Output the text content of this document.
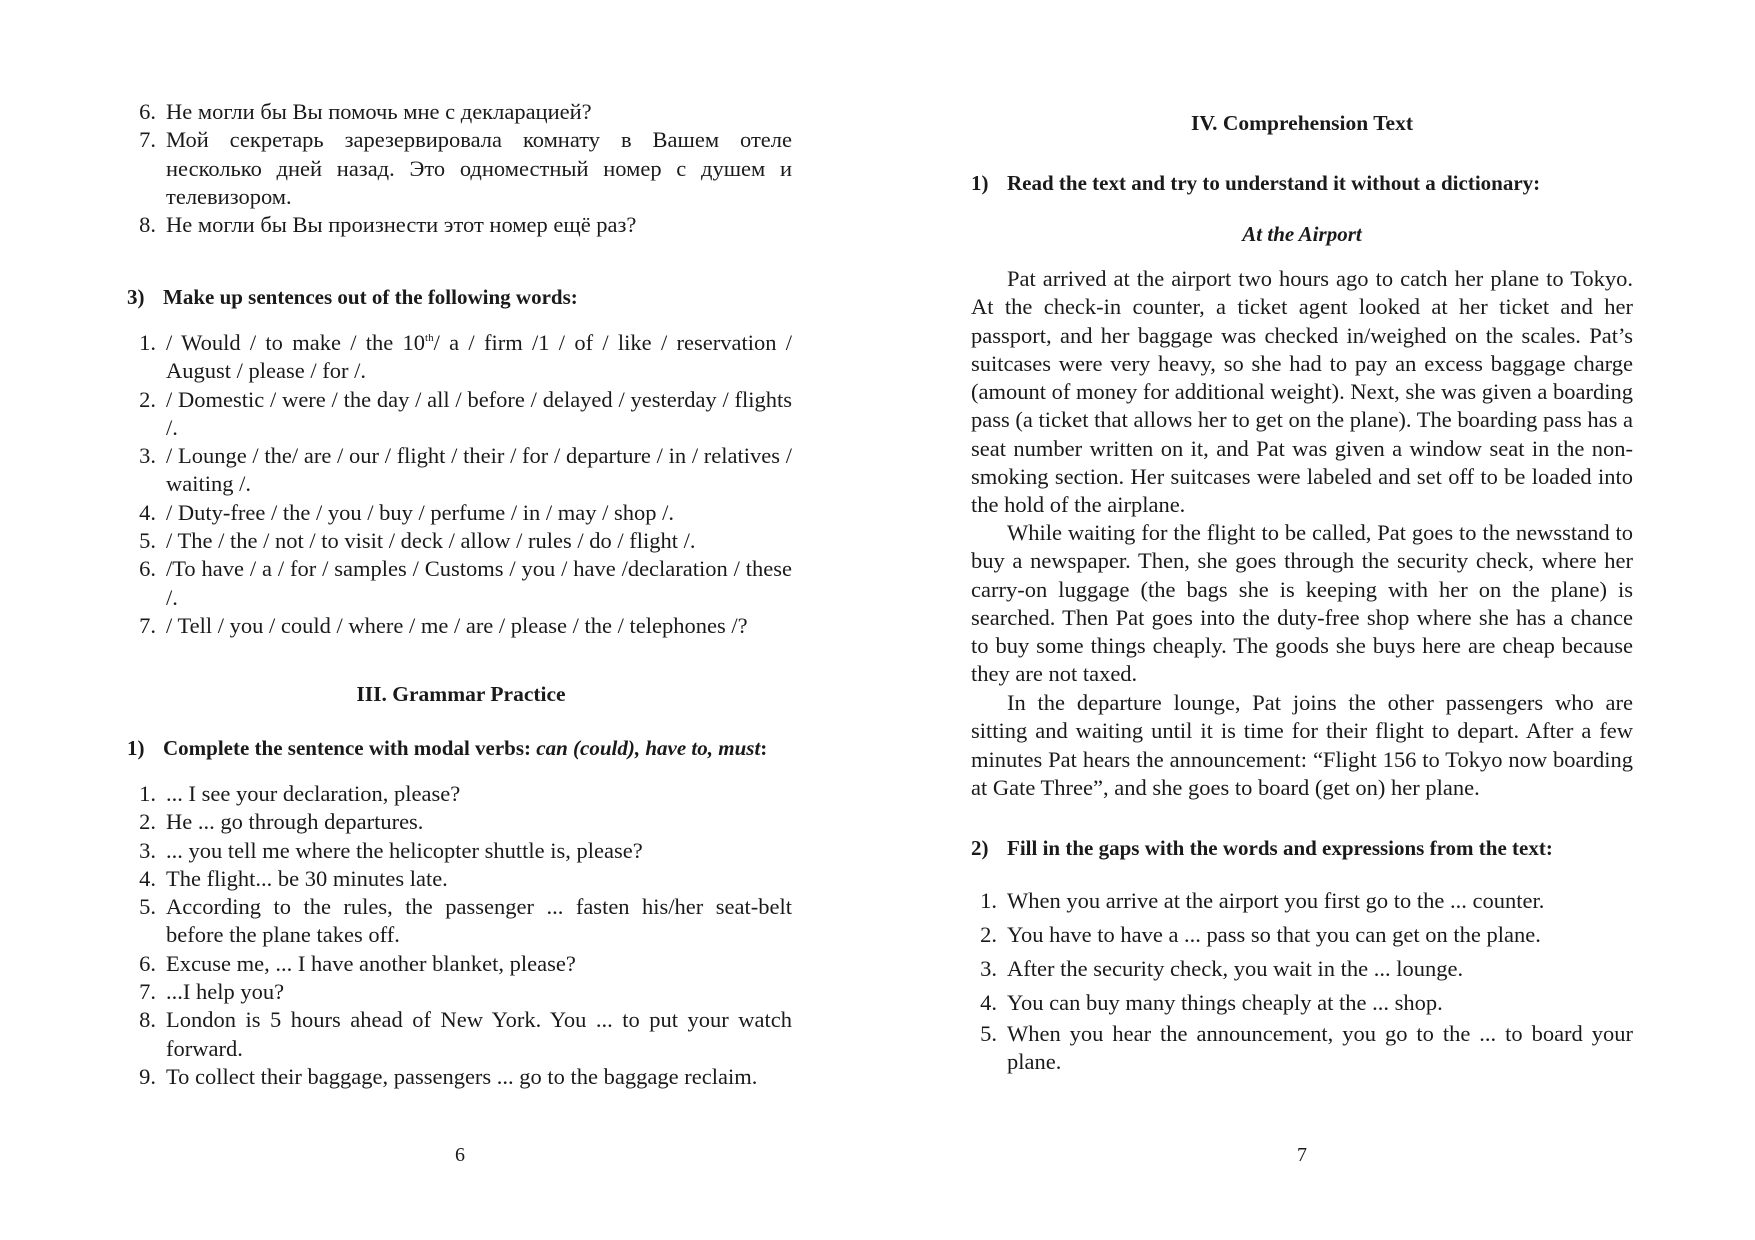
6. Не могли бы Вы помочь мне с декларацией?
7. Мой секретарь зарезервировала комнату в Вашем отеле несколько дней назад. Это одноместный номер с душем и телевизором.
8. Не могли бы Вы произнести этот номер ещё раз?
3) Make up sentences out of the following words:
1. / Would / to make / the 10th/ a / firm /1 / of / like / reservation / August / please / for /.
2. / Domestic / were / the day / all / before / delayed / yesterday / flights /.
3. / Lounge / the/ are / our / flight / their / for / departure / in / relatives / waiting /.
4. / Duty-free / the / you / buy / perfume / in / may / shop /.
5. / The / the / not / to visit / deck / allow / rules / do / flight /.
6. /To have / a / for / samples / Customs / you / have /declaration / these /.
7. / Tell / you / could / where / me / are / please / the / telephones /?
III. Grammar Practice
1) Complete the sentence with modal verbs: can (could), have to, must:
1. ... I see your declaration, please?
2. He ... go through departures.
3. ... you tell me where the helicopter shuttle is, please?
4. The flight... be 30 minutes late.
5. According to the rules, the passenger ... fasten his/her seat-belt before the plane takes off.
6. Excuse me, ... I have another blanket, please?
7. ...I help you?
8. London is 5 hours ahead of New York. You ... to put your watch forward.
9. To collect their baggage, passengers ... go to the baggage reclaim.
6
IV. Comprehension Text
1) Read the text and try to understand it without a dictionary:
At the Airport

Pat arrived at the airport two hours ago to catch her plane to Tokyo. At the check-in counter, a ticket agent looked at her ticket and her passport, and her baggage was checked in/weighed on the scales. Pat’s suitcases were very heavy, so she had to pay an excess baggage charge (amount of money for additional weight). Next, she was given a boarding pass (a ticket that allows her to get on the plane). The boarding pass has a seat number written on it, and Pat was given a window seat in the non-smoking section. Her suitcases were labeled and set off to be loaded into the hold of the airplane.

While waiting for the flight to be called, Pat goes to the newsstand to buy a newspaper. Then, she goes through the security check, where her carry-on luggage (the bags she is keeping with her on the plane) is searched. Then Pat goes into the duty-free shop where she has a chance to buy some things cheaply. The goods she buys here are cheap because they are not taxed.

In the departure lounge, Pat joins the other passengers who are sitting and waiting until it is time for their flight to depart. After a few minutes Pat hears the announcement: “Flight 156 to Tokyo now boarding at Gate Three”, and she goes to board (get on) her plane.

2) Fill in the gaps with the words and expressions from the text:
1. When you arrive at the airport you first go to the ... counter.
2. You have to have a ... pass so that you can get on the plane.
3. After the security check, you wait in the ... lounge.
4. You can buy many things cheaply at the ... shop.
5. When you hear the announcement, you go to the ... to board your plane.
7
